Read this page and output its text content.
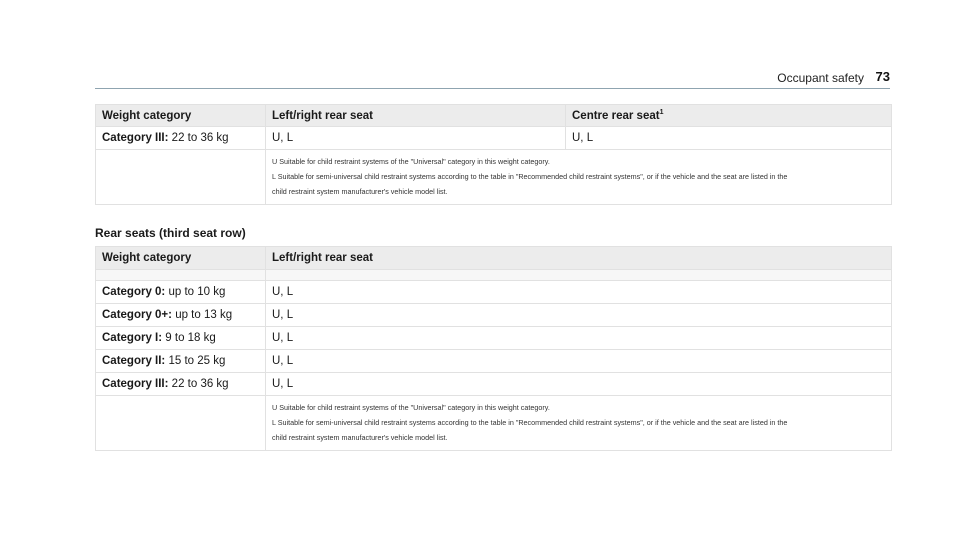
Occupant safety 73
Weight category	Left/right rear seat	Centre rear seat$^1$
Category III: 22 to 36 kg	U, L	U, L

	U Suitable for child restraint systems of the "Universal" category in this weight category.
L Suitable for semi-universal child restraint systems according to the table in "Recommended child restraint systems", or if the vehicle and the seat are listed in the
child restraint system manufacturer's vehicle model list.	
Rear seats (third seat row)
Weight category	Left/right rear seat

Category 0: up to 10 kg	U, L
Category 0+: up to 13 kg	U, L
Category I: 9 to 18 kg	U, L
Category II: 15 to 25 kg	U, L
Category III: 22 to 36 kg	U, L

	U Suitable for child restraint systems of the "Universal" category in this weight category.
L Suitable for semi-universal child restraint systems according to the table in "Recommended child restraint systems", or if the vehicle and the seat are listed in the
child restraint system manufacturer's vehicle model list.
